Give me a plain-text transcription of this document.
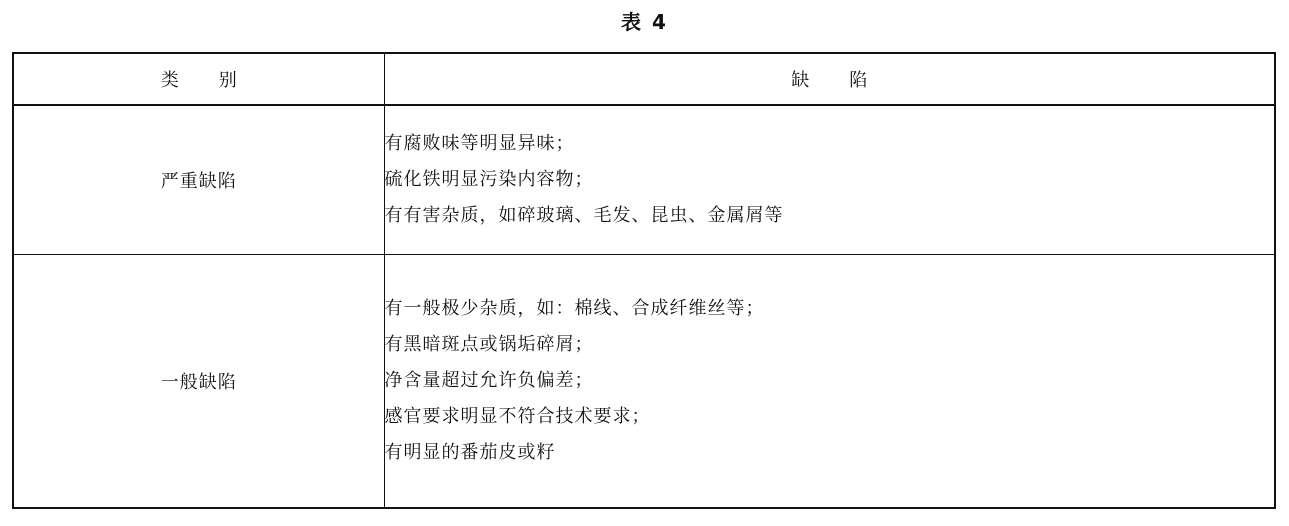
表 4
类别	缺陷
严重缺陷	有腐败味等明显异味；
硫化铁明显污染内容物；
有有害杂质，如碎玻璃、毛发、昆虫、金属屑等

一般缺陷	有一般极少杂质，如：棉线、合成纤维丝等；
有黑暗斑点或锅垢碎屑；
净含量超过允许负偏差；
感官要求明显不符合技术要求；
有明显的番茄皮或籽
